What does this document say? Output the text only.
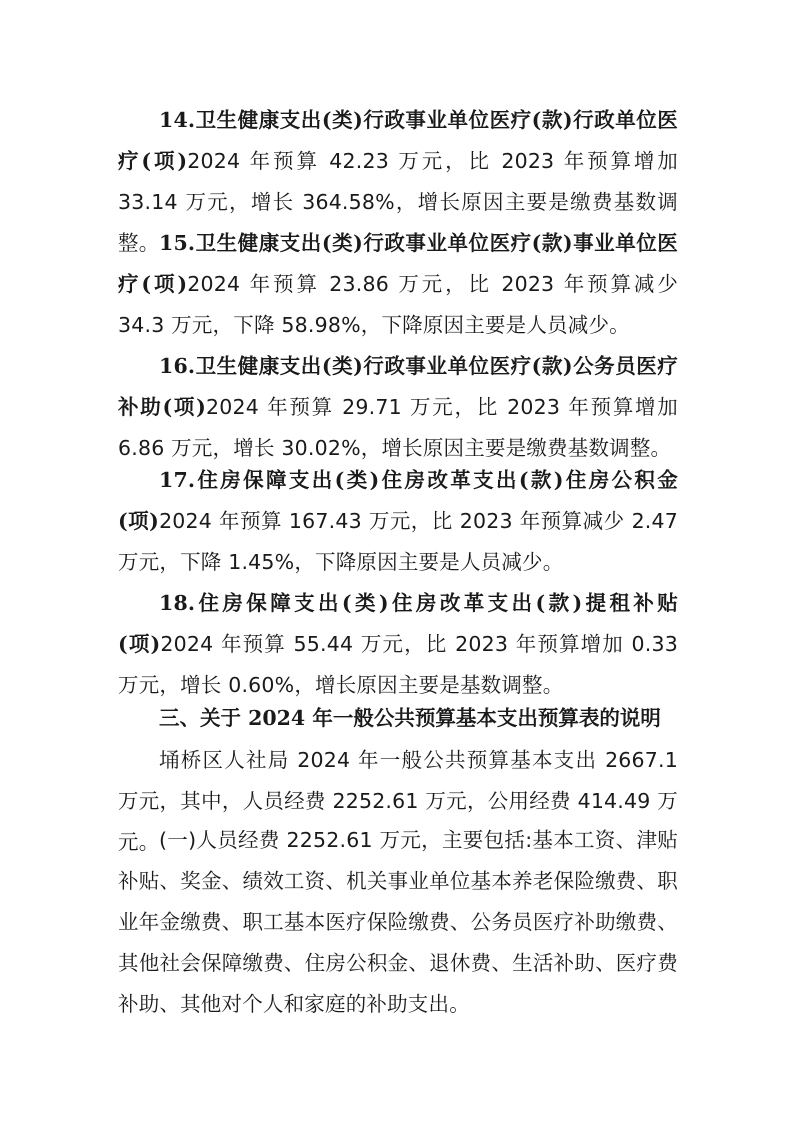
14.卫生健康支出(类)行政事业单位医疗(款)行政单位医疗(项)2024 年预算 42.23 万元，比 2023 年预算增加 33.14 万元，增长 364.58%，增长原因主要是缴费基数调整。 15.卫生健康支出(类)行政事业单位医疗(款)事业单位医疗(项)2024 年预算 23.86 万元，比 2023 年预算减少 34.3 万元，下降 58.98%，下降原因主要是人员减少。

16.卫生健康支出(类)行政事业单位医疗(款)公务员医疗补助(项)2024 年预算 29.71 万元，比 2023 年预算增加 6.86 万元，增长 30.02%，增长原因主要是缴费基数调整。

17.住房保障支出(类)住房改革支出(款)住房公积金(项)2024 年预算 167.43 万元，比 2023 年预算减少 2.47 万元，下降 1.45%，下降原因主要是人员减少。

18.住房保障支出(类)住房改革支出(款)提租补贴(项)2024 年预算 55.44 万元，比 2023 年预算增加 0.33 万元，增长 0.60%，增长原因主要是基数调整。

三、关于 2024 年一般公共预算基本支出预算表的说明

埇桥区人社局 2024 年一般公共预算基本支出 2667.1 万元，其中，人员经费 2252.61 万元，公用经费 414.49 万元。 (一)人员经费 2252.61 万元，主要包括:基本工资、津贴补贴、奖金、绩效工资、机关事业单位基本养老保险缴费、职业年金缴费、职工基本医疗保险缴费、公务员医疗补助缴费、其他社会保障缴费、住房公积金、退休费、生活补助、医疗费补助、其他对个人和家庭的补助支出。
